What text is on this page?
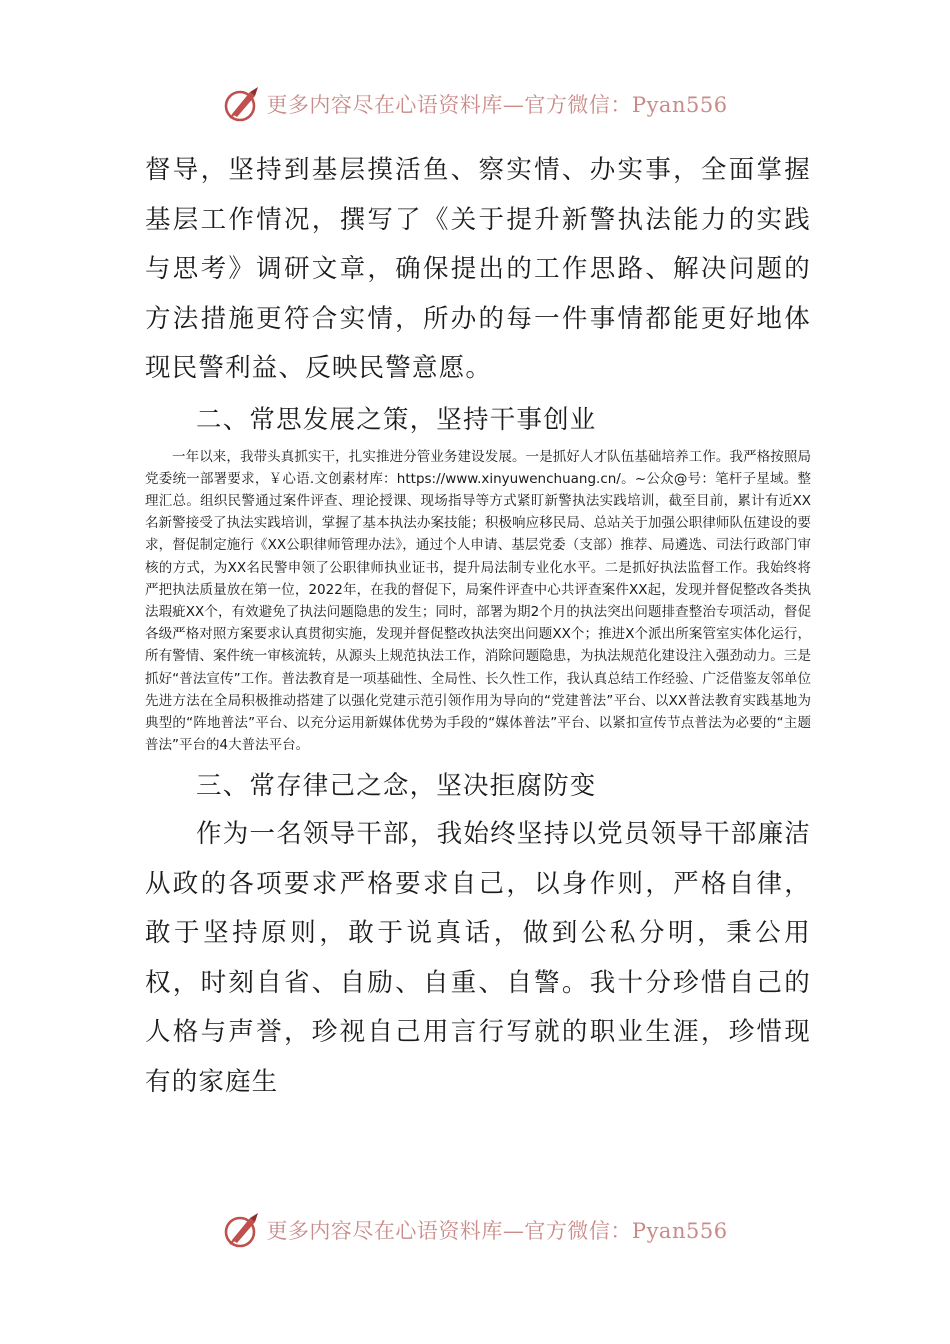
更多内容尽在心语资料库—官方微信：Pyan556

督导，坚持到基层摸活鱼、察实情、办实事，全面掌握基层工作情况，撰写了《关于提升新警执法能力的实践与思考》调研文章，确保提出的工作思路、解决问题的方法措施更符合实情，所办的每一件事情都能更好地体现民警利益、反映民警意愿。

二、常思发展之策，坚持干事创业

一年以来，我带头真抓实干，扎实推进分管业务建设发展。一是抓好人才队伍基础培养工作。我严格按照局党委统一部署要求，￥心语.文创素材库：https://www.xinyuwenchuang.cn/。~公众@号：笔杆子星域。整理汇总。组织民警通过案件评查、理论授课、现场指导等方式紧盯新警执法实践培训，截至目前，累计有近XX名新警接受了执法实践培训，掌握了基本执法办案技能；积极响应移民局、总站关于加强公职律师队伍建设的要求，督促制定施行《XX公职律师管理办法》，通过个人申请、基层党委（支部）推荐、局遴选、司法行政部门审核的方式，为XX名民警申领了公职律师执业证书，提升局法制专业化水平。二是抓好执法监督工作。我始终将严把执法质量放在第一位，2022年，在我的督促下，局案件评查中心共评查案件XX起，发现并督促整改各类执法瑕疵XX个，有效避免了执法问题隐患的发生；同时，部署为期2个月的执法突出问题排查整治专项活动，督促各级严格对照方案要求认真贯彻实施，发现并督促整改执法突出问题XX个；推进X个派出所案管室实体化运行，所有警情、案件统一审核流转，从源头上规范执法工作，消除问题隐患，为执法规范化建设注入强劲动力。三是抓好“普法宣传”工作。普法教育是一项基础性、全局性、长久性工作，我认真总结工作经验、广泛借鉴友邻单位先进方法在全局积极推动搭建了以强化党建示范引领作用为导向的“党建普法”平台、以XX普法教育实践基地为典型的“阵地普法”平台、以充分运用新媒体优势为手段的“媒体普法”平台、以紧扣宣传节点普法为必要的“主题普法”平台的4大普法平台。

三、常存律己之念，坚决拒腐防变

作为一名领导干部，我始终坚持以党员领导干部廉洁从政的各项要求严格要求自己，以身作则，严格自律，敢于坚持原则，敢于说真话，做到公私分明，秉公用权，时刻自省、自励、自重、自警。我十分珍惜自己的人格与声誉，珍视自己用言行写就的职业生涯，珍惜现有的家庭生

更多内容尽在心语资料库—官方微信：Pyan556
